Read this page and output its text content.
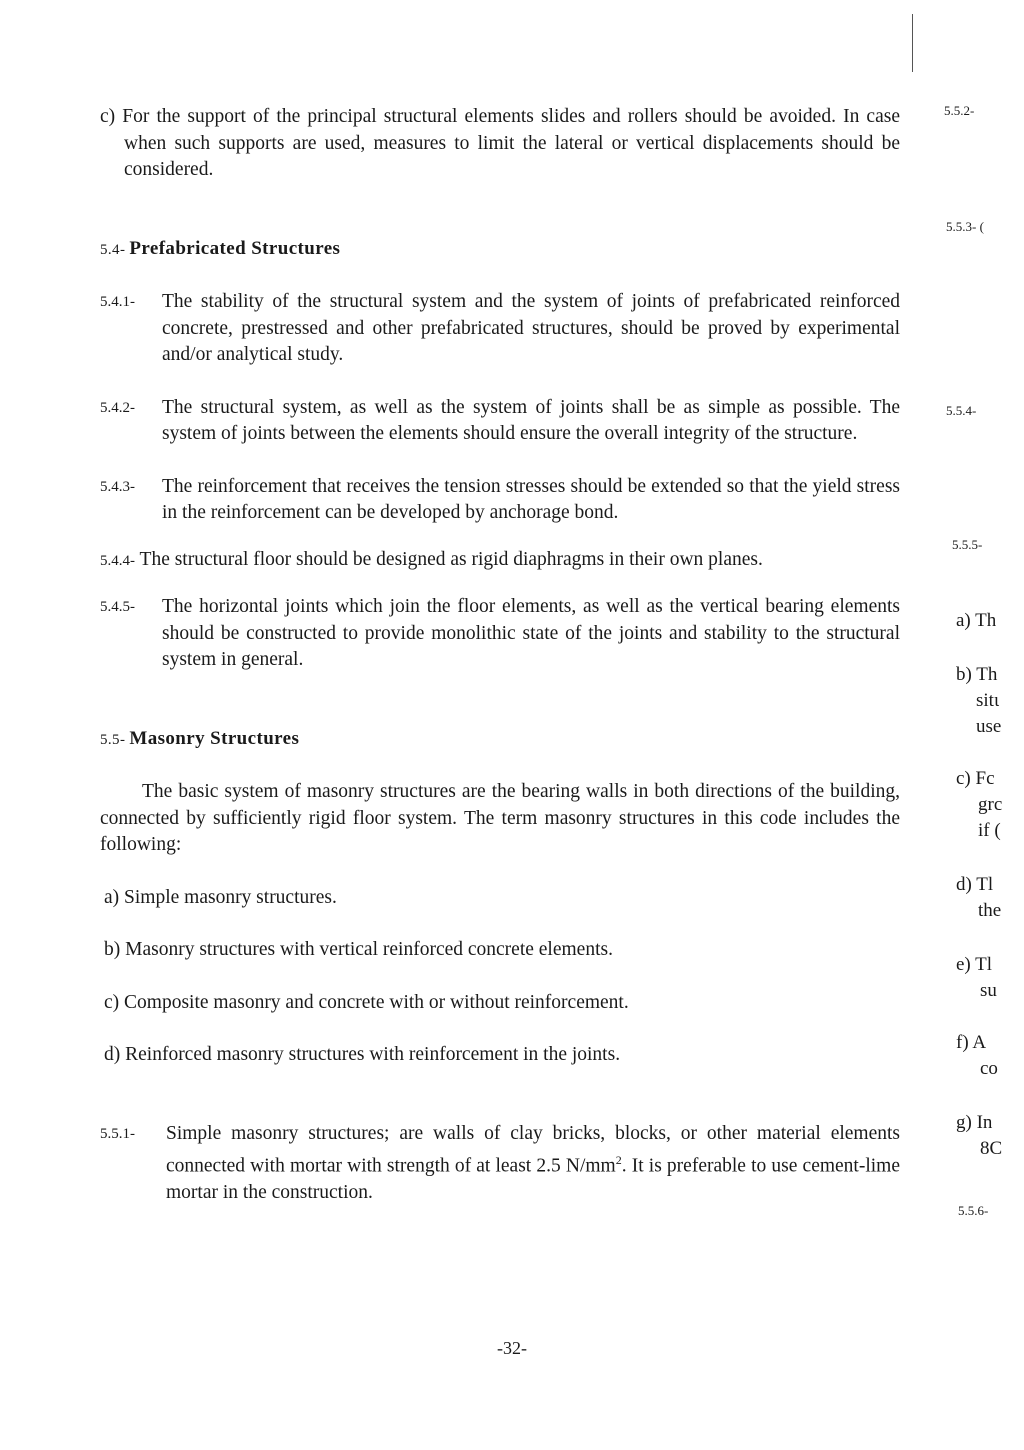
c) For the support of the principal structural elements slides and rollers should be avoided. In case when such supports are used, measures to limit the lateral or vertical displacements should be considered.

5.4- Prefabricated Structures
5.4.1- The stability of the structural system and the system of joints of prefabricated reinforced concrete, prestressed and other prefabricated structures, should be proved by experimental and/or analytical study.
5.4.2- The structural system, as well as the system of joints shall be as simple as possible. The system of joints between the elements should ensure the overall integrity of the structure.
5.4.3- The reinforcement that receives the tension stresses should be extended so that the yield stress in the reinforcement can be developed by anchorage bond.
5.4.4- The structural floor should be designed as rigid diaphragms in their own planes.
5.4.5- The horizontal joints which join the floor elements, as well as the vertical bearing elements should be constructed to provide monolithic state of the joints and stability to the structural system in general.
5.5- Masonry Structures

The basic system of masonry structures are the bearing walls in both directions of the building, connected by sufficiently rigid floor system. The term masonry structures in this code includes the following:

a) Simple masonry structures.

b) Masonry structures with vertical reinforced concrete elements.

c) Composite masonry and concrete with or without reinforcement.

d) Reinforced masonry structures with reinforcement in the joints.

5.5.1- Simple masonry structures; are walls of clay bricks, blocks, or other material elements connected with mortar with strength of at least 2.5 $N/mm^2$. It is preferable to use cement-lime mortar in the construction.
5.5.2-
5.5.3- (
5.5.4-
5.5.5-
a) Th
b) Th
sitι
use
c) Fc
grc
if (
d) Tl
the
e) Tl
su
f) A
co
g) In
8C
5.5.6-
-32-
